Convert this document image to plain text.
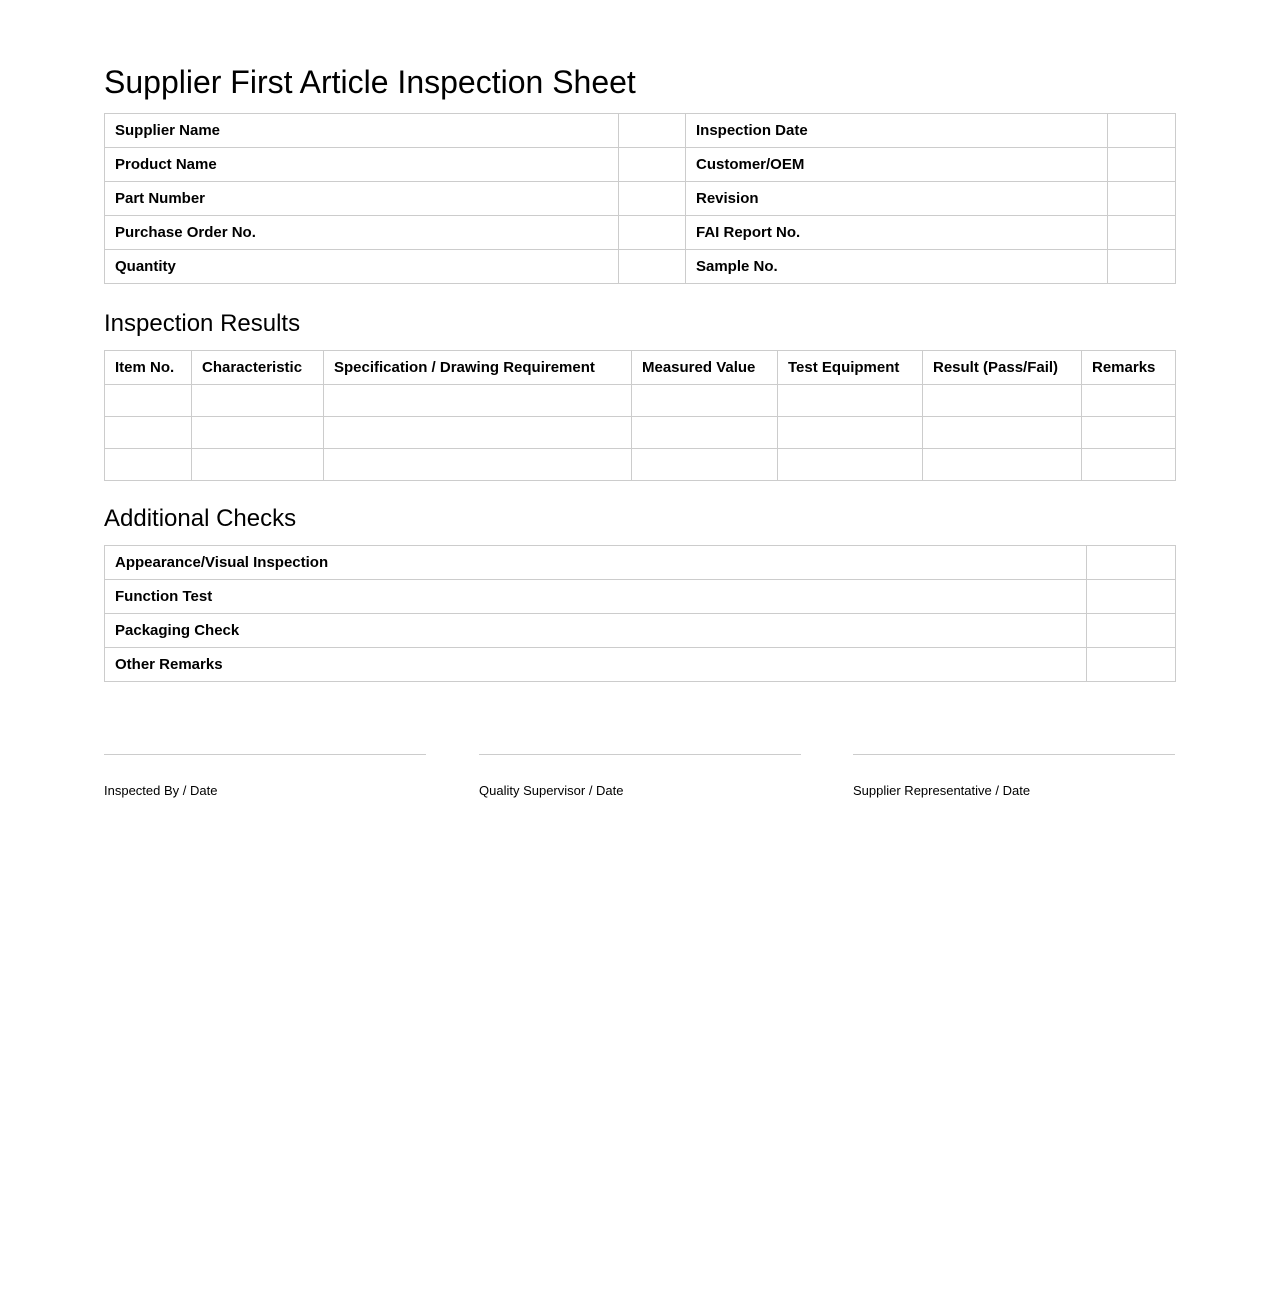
Supplier First Article Inspection Sheet
Supplier Name		Inspection Date	
Product Name		Customer/OEM	
Part Number		Revision	
Purchase Order No.		FAI Report No.	
Quantity		Sample No.	
Inspection Results
Item No.	Characteristic	Specification / Drawing Requirement	Measured Value	Test Equipment	Result (Pass/Fail)	Remarks

Additional Checks
Appearance/Visual Inspection	
Function Test	
Packaging Check	
Other Remarks	
Inspected By / Date	Quality Supervisor / Date	Supplier Representative / Date
